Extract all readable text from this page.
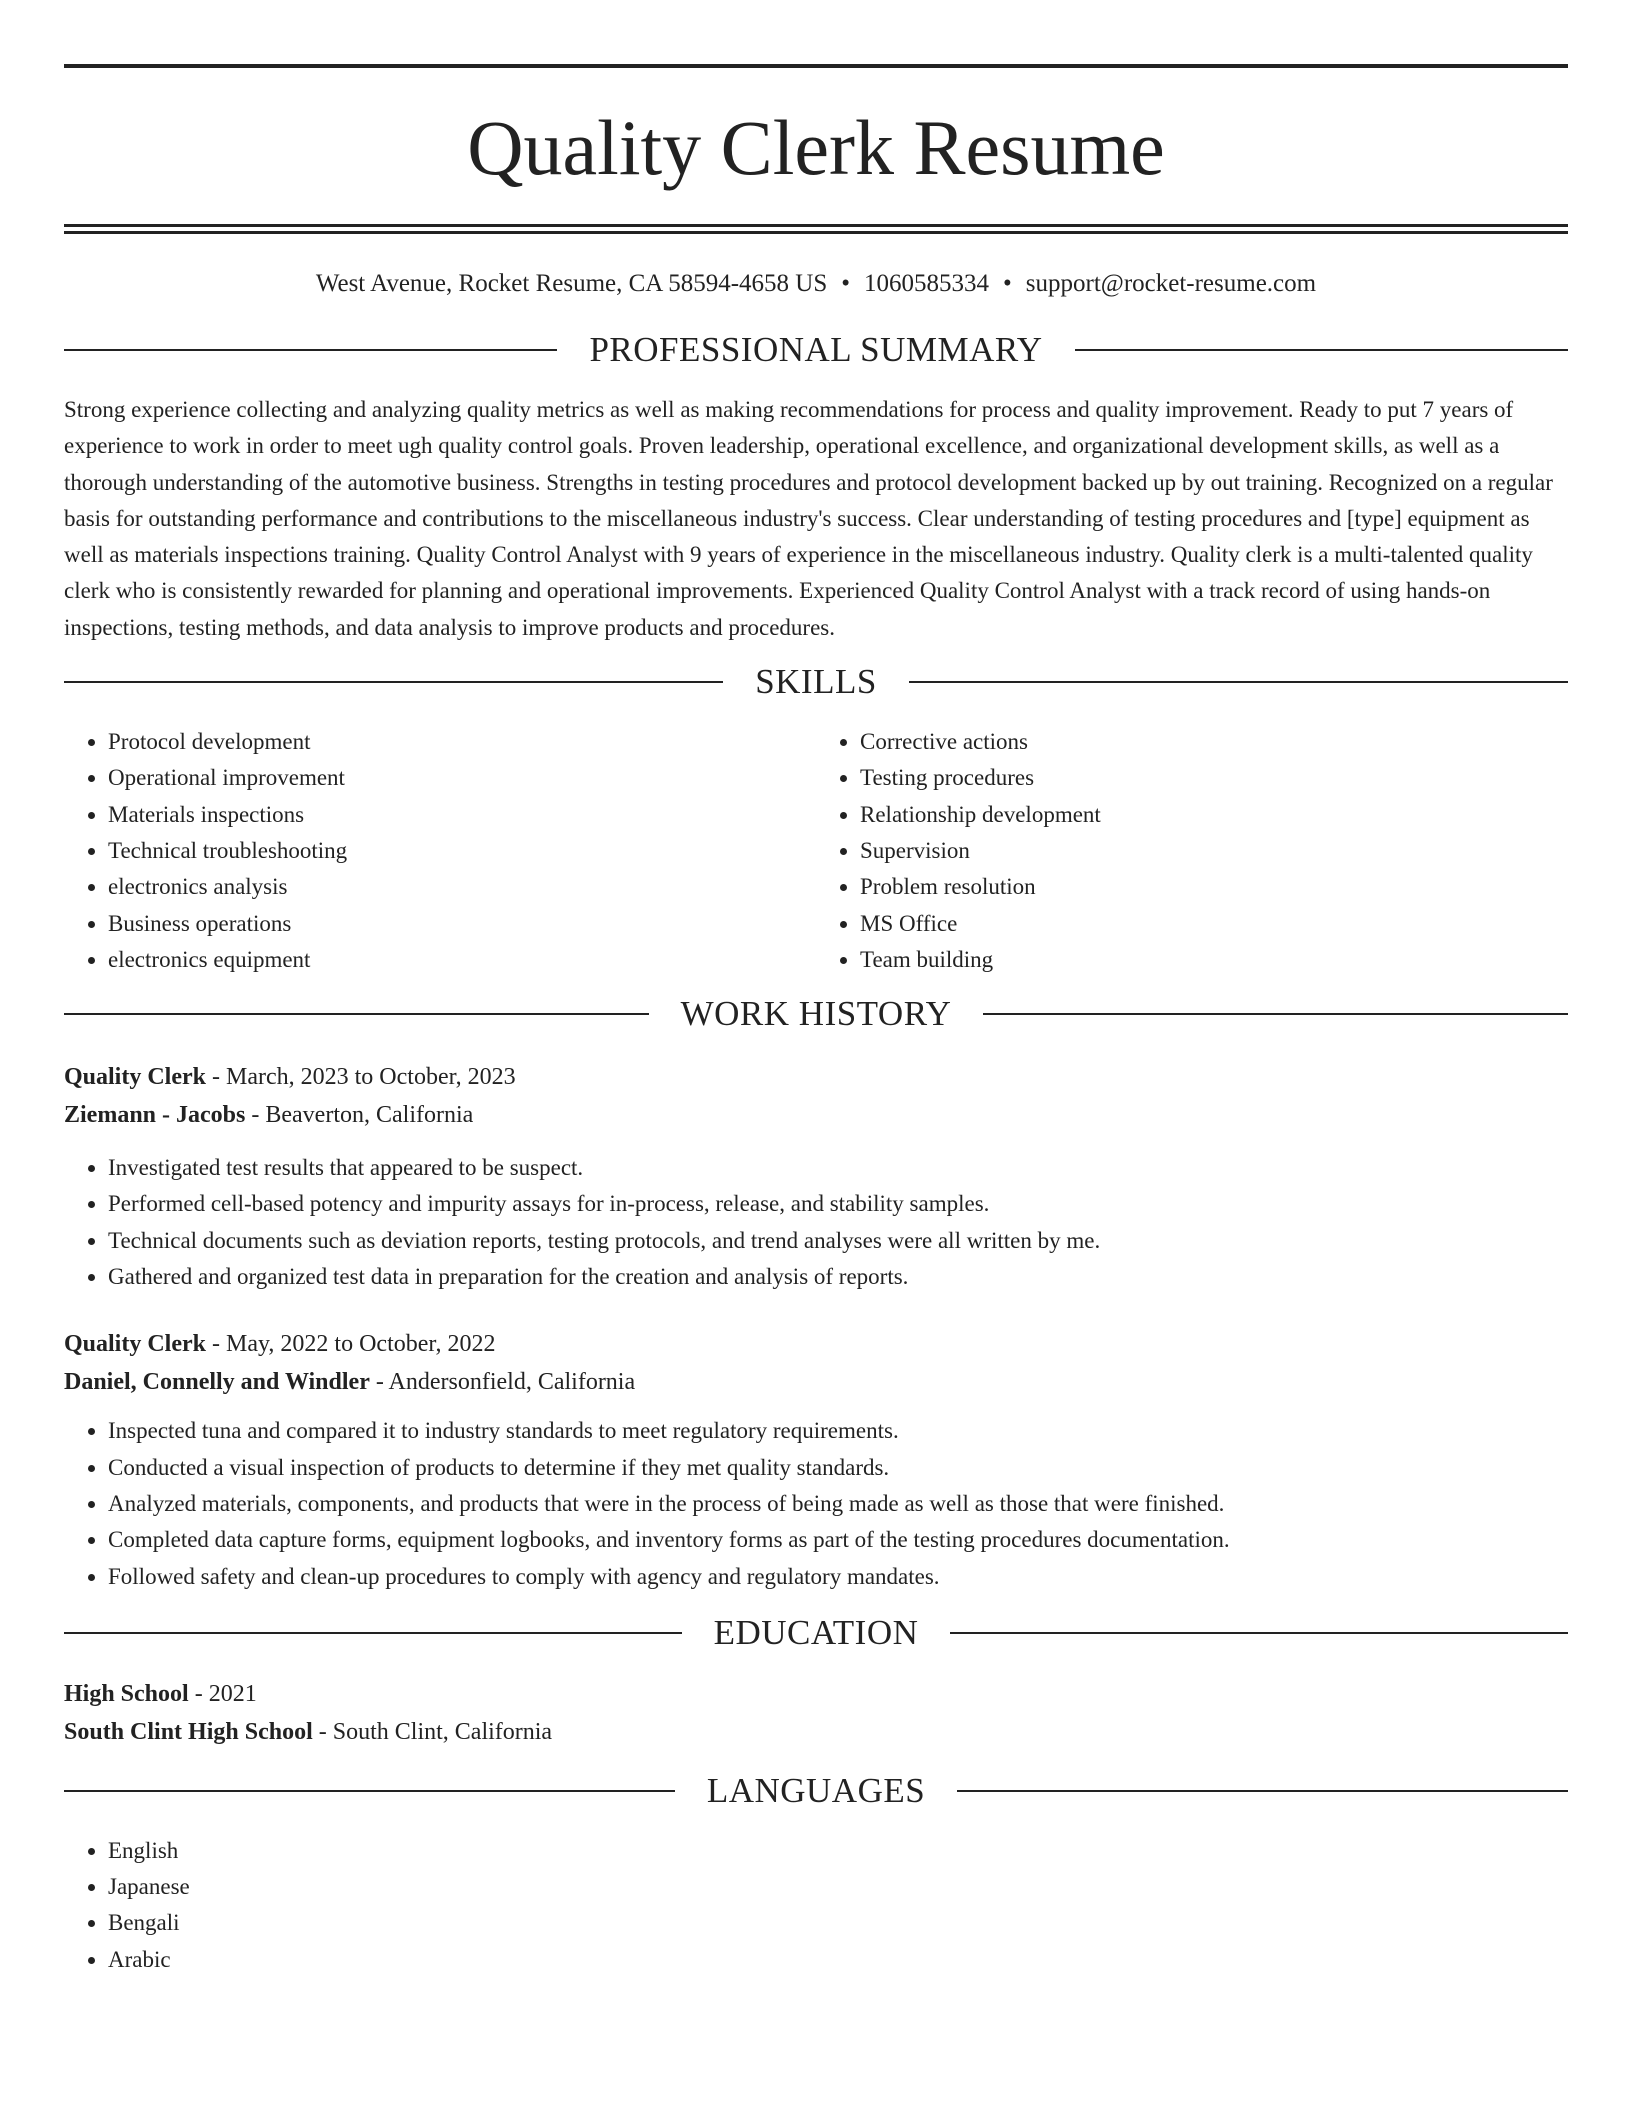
Quality Clerk Resume
West Avenue, Rocket Resume, CA 58594-4658 US • 1060585334 • support@rocket-resume.com
PROFESSIONAL SUMMARY

Strong experience collecting and analyzing quality metrics as well as making recommendations for process and quality improvement. Ready to put 7 years of experience to work in order to meet ugh quality control goals. Proven leadership, operational excellence, and organizational development skills, as well as a thorough understanding of the automotive business. Strengths in testing procedures and protocol development backed up by out training. Recognized on a regular basis for outstanding performance and contributions to the miscellaneous industry's success. Clear understanding of testing procedures and [type] equipment as well as materials inspections training. Quality Control Analyst with 9 years of experience in the miscellaneous industry. Quality clerk is a multi-talented quality clerk who is consistently rewarded for planning and operational improvements. Experienced Quality Control Analyst with a track record of using hands-on inspections, testing methods, and data analysis to improve products and procedures.

SKILLS
• Protocol development
• Operational improvement
• Materials inspections
• Technical troubleshooting
• electronics analysis
• Business operations
• electronics equipment
• Corrective actions
• Testing procedures
• Relationship development
• Supervision
• Problem resolution
• MS Office
• Team building
WORK HISTORY
Quality Clerk - March, 2023 to October, 2023
Ziemann - Jacobs - Beaverton, California
• Investigated test results that appeared to be suspect.
• Performed cell-based potency and impurity assays for in-process, release, and stability samples.
• Technical documents such as deviation reports, testing protocols, and trend analyses were all written by me.
• Gathered and organized test data in preparation for the creation and analysis of reports.
Quality Clerk - May, 2022 to October, 2022
Daniel, Connelly and Windler - Andersonfield, California
• Inspected tuna and compared it to industry standards to meet regulatory requirements.
• Conducted a visual inspection of products to determine if they met quality standards.
• Analyzed materials, components, and products that were in the process of being made as well as those that were finished.
• Completed data capture forms, equipment logbooks, and inventory forms as part of the testing procedures documentation.
• Followed safety and clean-up procedures to comply with agency and regulatory mandates.
EDUCATION
High School - 2021
South Clint High School - South Clint, California
LANGUAGES
• English
• Japanese
• Bengali
• Arabic
